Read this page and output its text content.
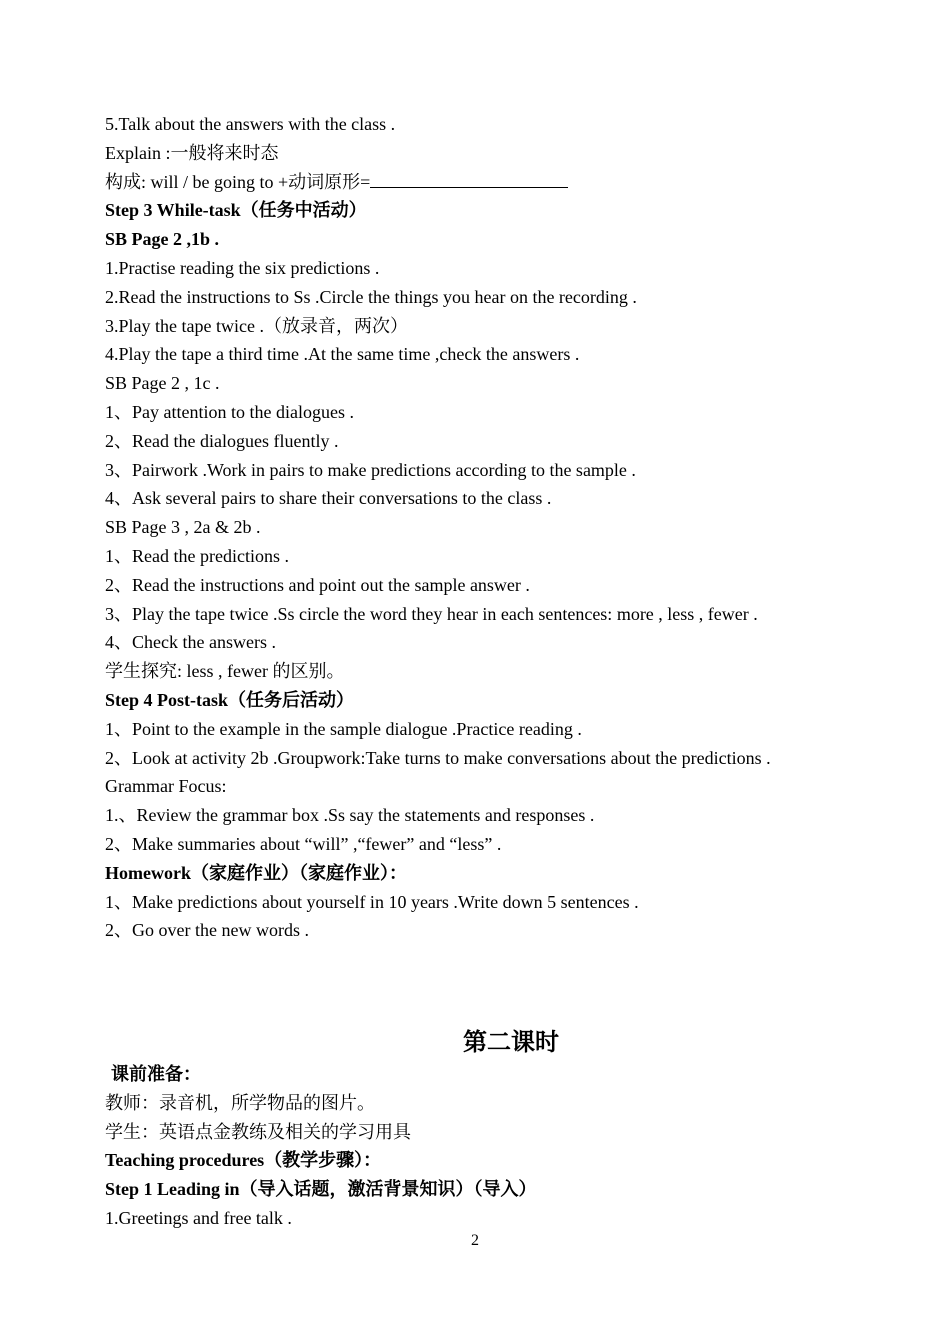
5.Talk about the answers with the class .
Explain :一般将来时态
构成: will / be going to +动词原形=
Step 3 While-task（任务中活动）
SB Page 2 ,1b .
1.Practise reading the six predictions .
2.Read the instructions to Ss .Circle the things you hear on the recording .
3.Play the tape twice .（放录音，两次）
4.Play the tape a third time .At the same time ,check the answers .
SB Page 2 , 1c .
1、Pay attention to the dialogues .
2、Read the dialogues fluently .
3、Pairwork .Work in pairs to make predictions according to the sample .
4、Ask several pairs to share their conversations to the class .
SB Page 3 , 2a & 2b .
1、Read the predictions .
2、Read the instructions and point out the sample answer .
3、Play the tape twice .Ss circle the word they hear in each sentences: more , less , fewer .
4、Check the answers .
学生探究: less , fewer 的区别。
Step 4 Post-task（任务后活动）
1、Point to the example in the sample dialogue .Practice reading .
2、Look at activity 2b .Groupwork:Take turns to make conversations about the predictions .
Grammar Focus:
1.、Review the grammar box .Ss say the statements and responses .
2、Make summaries about “will” ,“fewer” and “less” .
Homework（家庭作业）（家庭作业）：
1、Make predictions about yourself in 10 years .Write down 5 sentences .
2、Go over the new words .
第二课时
课前准备：
教师：录音机，所学物品的图片。
学生：英语点金教练及相关的学习用具
Teaching procedures（教学步骤）：
Step 1 Leading in（导入话题，激活背景知识）（导入）
1.Greetings and free talk .
2
